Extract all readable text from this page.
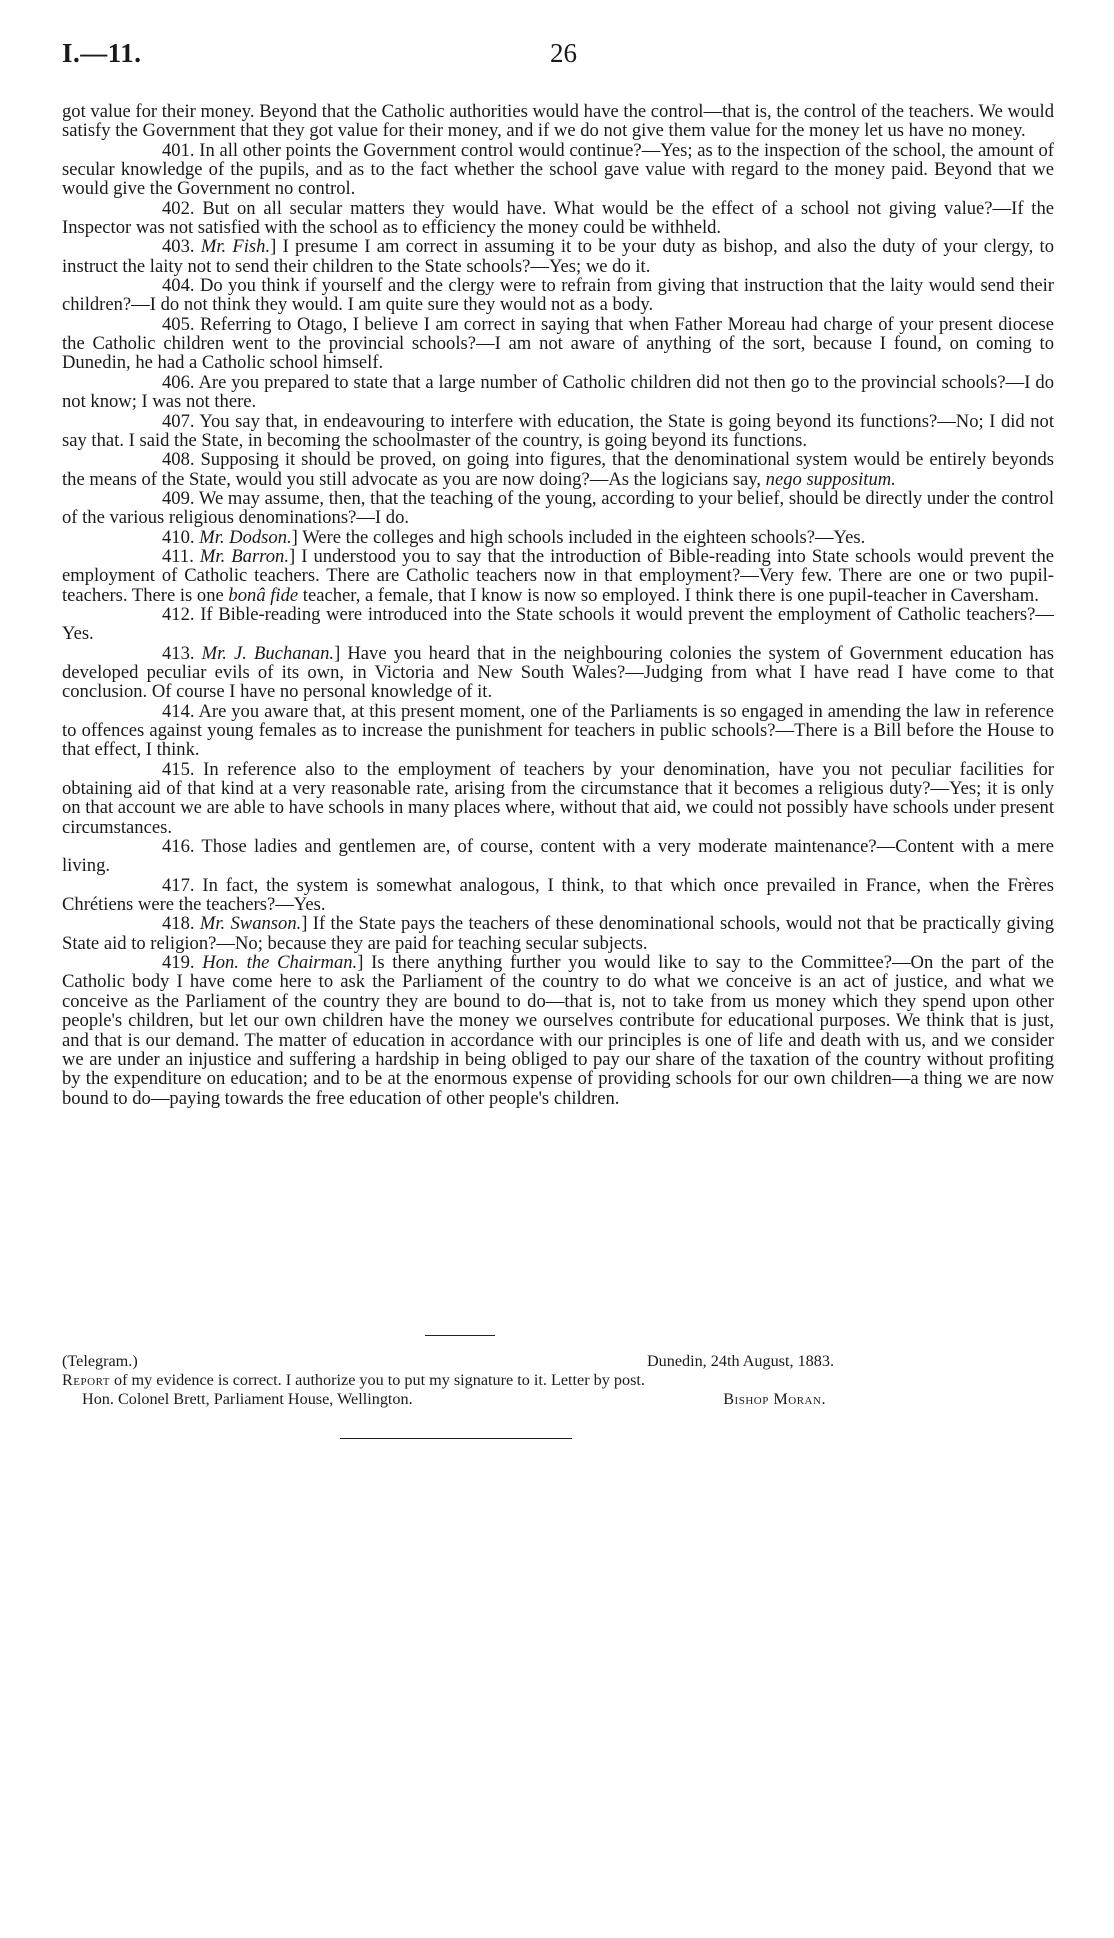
I.—11.	26

got value for their money. Beyond that the Catholic authorities would have the control—that is, the control of the teachers. We would satisfy the Government that they got value for their money, and if we do not give them value for the money let us have no money.

401. In all other points the Government control would continue?—Yes; as to the inspection of the school, the amount of secular knowledge of the pupils, and as to the fact whether the school gave value with regard to the money paid. Beyond that we would give the Government no control.

402. But on all secular matters they would have. What would be the effect of a school not giving value?—If the Inspector was not satisfied with the school as to efficiency the money could be withheld.

403. Mr. Fish.] I presume I am correct in assuming it to be your duty as bishop, and also the duty of your clergy, to instruct the laity not to send their children to the State schools?—Yes; we do it.

404. Do you think if yourself and the clergy were to refrain from giving that instruction that the laity would send their children?—I do not think they would. I am quite sure they would not as a body.

405. Referring to Otago, I believe I am correct in saying that when Father Moreau had charge of your present diocese the Catholic children went to the provincial schools?—I am not aware of anything of the sort, because I found, on coming to Dunedin, he had a Catholic school himself.

406. Are you prepared to state that a large number of Catholic children did not then go to the provincial schools?—I do not know; I was not there.

407. You say that, in endeavouring to interfere with education, the State is going beyond its functions?—No; I did not say that. I said the State, in becoming the schoolmaster of the country, is going beyond its functions.

408. Supposing it should be proved, on going into figures, that the denominational system would be entirely beyonds the means of the State, would you still advocate as you are now doing?—As the logicians say, nego suppositum.

409. We may assume, then, that the teaching of the young, according to your belief, should be directly under the control of the various religious denominations?—I do.

410. Mr. Dodson.] Were the colleges and high schools included in the eighteen schools?—Yes.

411. Mr. Barron.] I understood you to say that the introduction of Bible-reading into State schools would prevent the employment of Catholic teachers. There are Catholic teachers now in that employment?—Very few. There are one or two pupil-teachers. There is one bonâ fide teacher, a female, that I know is now so employed. I think there is one pupil-teacher in Caversham.

412. If Bible-reading were introduced into the State schools it would prevent the employment of Catholic teachers?—Yes.

413. Mr. J. Buchanan.] Have you heard that in the neighbouring colonies the system of Government education has developed peculiar evils of its own, in Victoria and New South Wales?—Judging from what I have read I have come to that conclusion. Of course I have no personal knowledge of it.

414. Are you aware that, at this present moment, one of the Parliaments is so engaged in amending the law in reference to offences against young females as to increase the punishment for teachers in public schools?—There is a Bill before the House to that effect, I think.

415. In reference also to the employment of teachers by your denomination, have you not peculiar facilities for obtaining aid of that kind at a very reasonable rate, arising from the circumstance that it becomes a religious duty?—Yes; it is only on that account we are able to have schools in many places where, without that aid, we could not possibly have schools under present circumstances.

416. Those ladies and gentlemen are, of course, content with a very moderate maintenance?—Content with a mere living.

417. In fact, the system is somewhat analogous, I think, to that which once prevailed in France, when the Frères Chrétiens were the teachers?—Yes.

418. Mr. Swanson.] If the State pays the teachers of these denominational schools, would not that be practically giving State aid to religion?—No; because they are paid for teaching secular subjects.

419. Hon. the Chairman.] Is there anything further you would like to say to the Committee?—On the part of the Catholic body I have come here to ask the Parliament of the country to do what we conceive is an act of justice, and what we conceive as the Parliament of the country they are bound to do—that is, not to take from us money which they spend upon other people's children, but let our own children have the money we ourselves contribute for educational purposes. We think that is just, and that is our demand. The matter of education in accordance with our principles is one of life and death with us, and we consider we are under an injustice and suffering a hardship in being obliged to pay our share of the taxation of the country without profiting by the expenditure on education; and to be at the enormous expense of providing schools for our own children—a thing we are now bound to do—paying towards the free education of other people's children.

(Telegram.)	Dunedin, 24th August, 1883.
Report of my evidence is correct. I authorize you to put my signature to it. Letter by post.
Hon. Colonel Brett, Parliament House, Wellington.	Bishop Moran.
